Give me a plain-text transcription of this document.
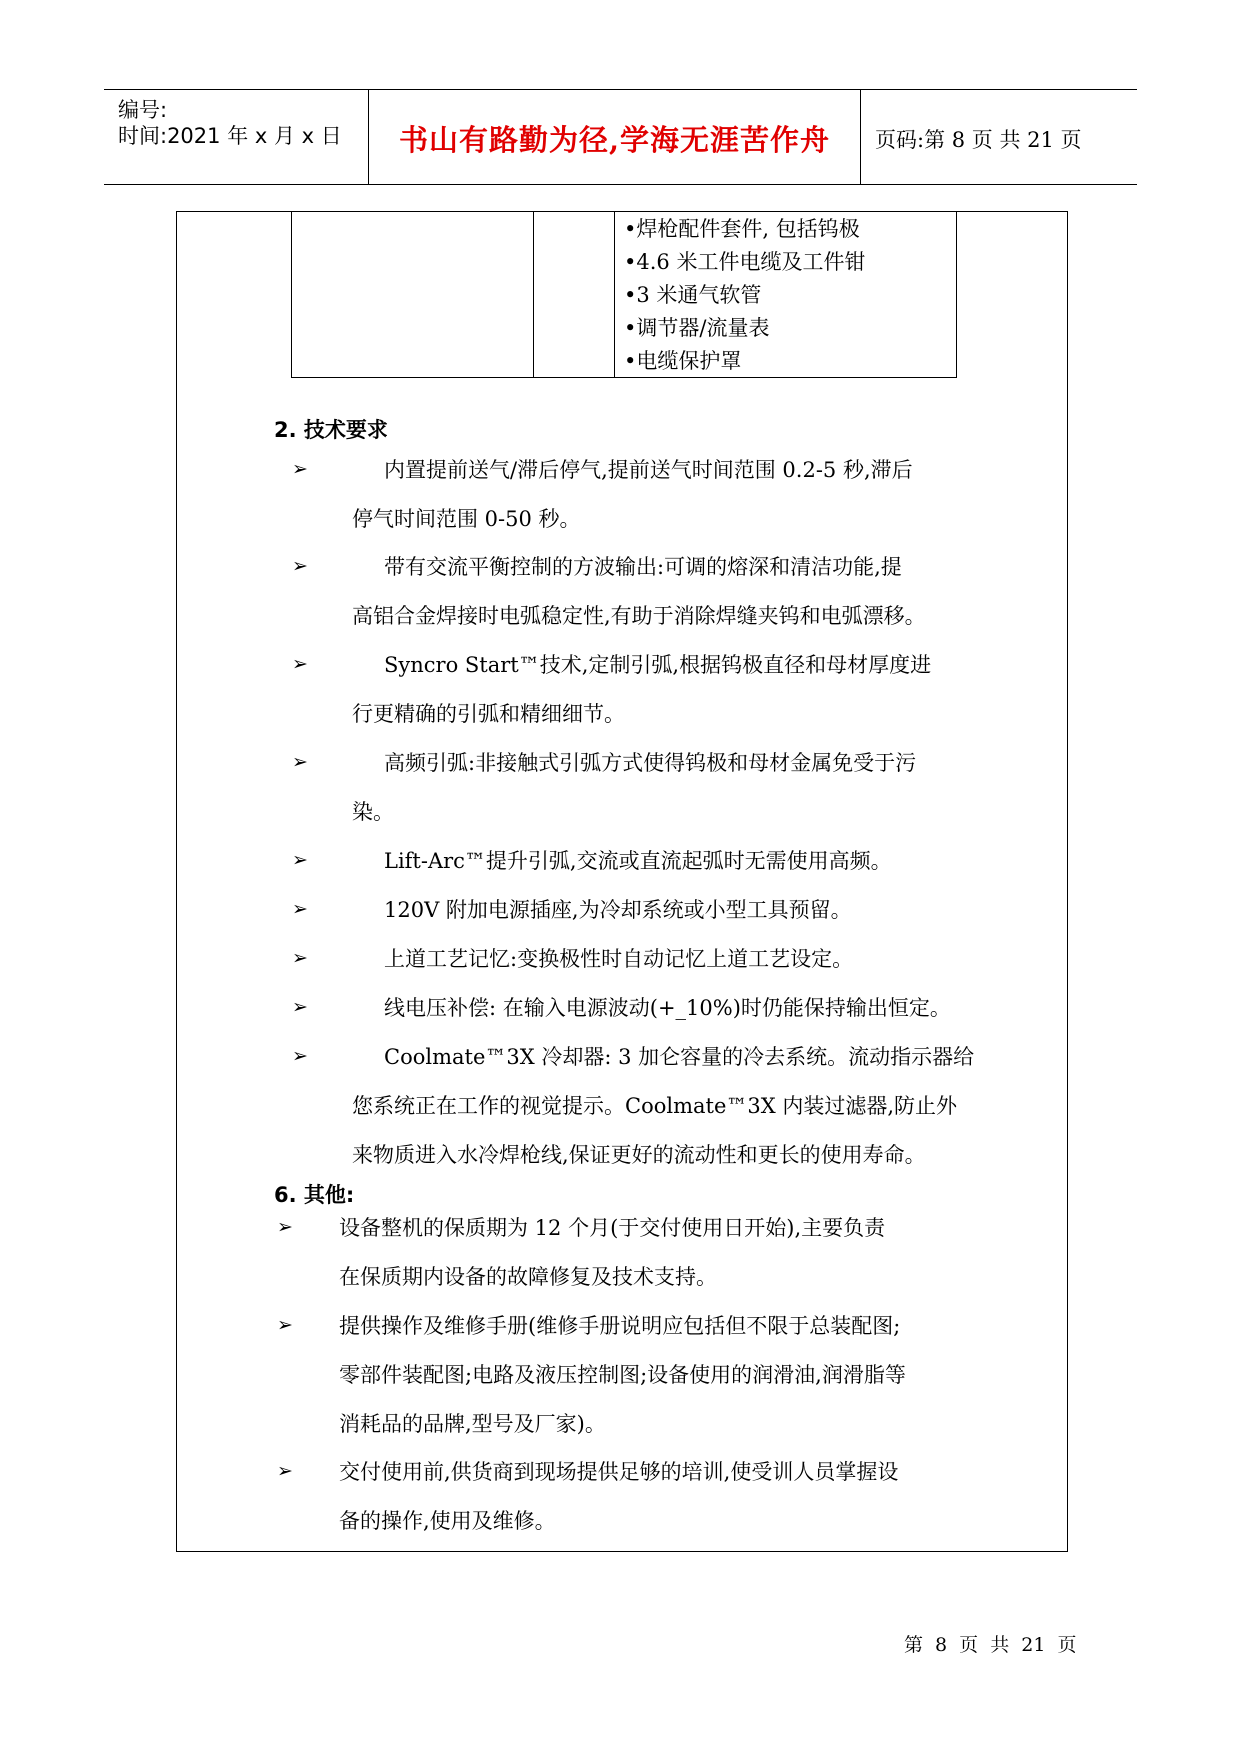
编号:
时间:2021 年 x 月 x 日	书山有路勤为径,学海无涯苦作舟	页码:第 8 页 共 21 页
•焊枪配件套件, 包括钨极
•4.6 米工件电缆及工件钳
•3 米通气软管
•调节器/流量表
•电缆保护罩
2. 技术要求
➢	内置提前送气/滞后停气,提前送气时间范围 0.2-5 秒,滞后
停气时间范围 0-50 秒。
➢	带有交流平衡控制的方波输出:可调的熔深和清洁功能,提
高铝合金焊接时电弧稳定性,有助于消除焊缝夹钨和电弧漂移。
➢	Syncro Start™技术,定制引弧,根据钨极直径和母材厚度进
行更精确的引弧和精细细节。
➢	高频引弧:非接触式引弧方式使得钨极和母材金属免受于污
染。
➢	Lift-Arc™提升引弧,交流或直流起弧时无需使用高频。
➢	120V 附加电源插座,为冷却系统或小型工具预留。
➢	上道工艺记忆:变换极性时自动记忆上道工艺设定。
➢	线电压补偿: 在输入电源波动(+_10%)时仍能保持输出恒定。
➢	Coolmate™3X 冷却器: 3 加仑容量的冷去系统。流动指示器给
您系统正在工作的视觉提示。Coolmate™3X 内装过滤器,防止外
来物质进入水冷焊枪线,保证更好的流动性和更长的使用寿命。
6. 其他:
➢ 设备整机的保质期为 12 个月(于交付使用日开始),主要负责
在保质期内设备的故障修复及技术支持。
➢ 提供操作及维修手册(维修手册说明应包括但不限于总装配图;
零部件装配图;电路及液压控制图;设备使用的润滑油,润滑脂等
消耗品的品牌,型号及厂家)。
➢ 交付使用前,供货商到现场提供足够的培训,使受训人员掌握设
备的操作,使用及维修。
第 8 页 共 21 页
